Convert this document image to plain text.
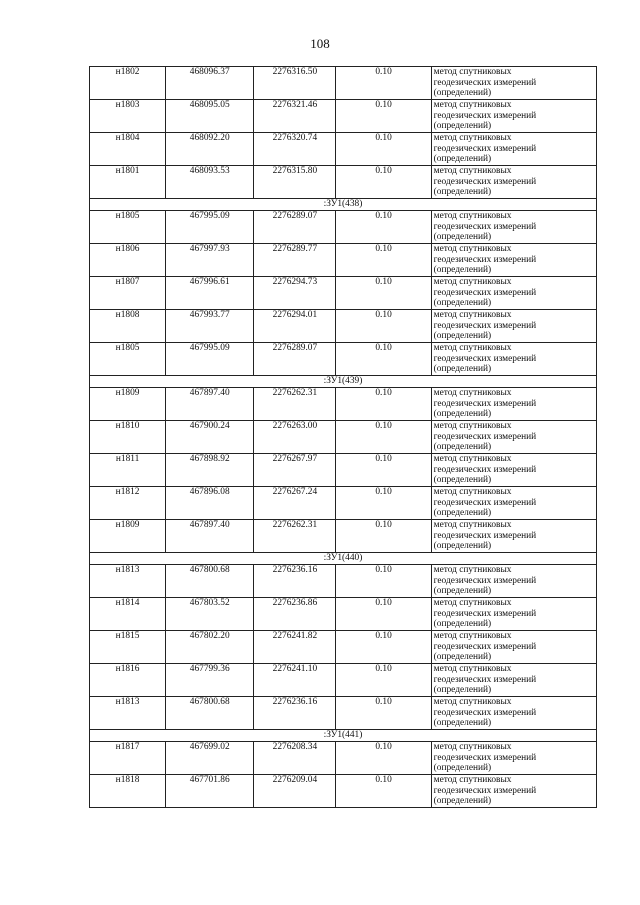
108
н1802	468096.37	2276316.50	0.10	метод спутниковых
геодезических измерений
(определений)

н1803	468095.05	2276321.46	0.10	метод спутниковых
геодезических измерений
(определений)

н1804	468092.20	2276320.74	0.10	метод спутниковых
геодезических измерений
(определений)

н1801	468093.53	2276315.80	0.10	метод спутниковых
геодезических измерений
(определений)

:ЗУ1(438)				
н1805	467995.09	2276289.07	0.10	метод спутниковых
геодезических измерений
(определений)

н1806	467997.93	2276289.77	0.10	метод спутниковых
геодезических измерений
(определений)

н1807	467996.61	2276294.73	0.10	метод спутниковых
геодезических измерений
(определений)

н1808	467993.77	2276294.01	0.10	метод спутниковых
геодезических измерений
(определений)

н1805	467995.09	2276289.07	0.10	метод спутниковых
геодезических измерений
(определений)

:ЗУ1(439)				
н1809	467897.40	2276262.31	0.10	метод спутниковых
геодезических измерений
(определений)

н1810	467900.24	2276263.00	0.10	метод спутниковых
геодезических измерений
(определений)

н1811	467898.92	2276267.97	0.10	метод спутниковых
геодезических измерений
(определений)

н1812	467896.08	2276267.24	0.10	метод спутниковых
геодезических измерений
(определений)

н1809	467897.40	2276262.31	0.10	метод спутниковых
геодезических измерений
(определений)

:ЗУ1(440)				
н1813	467800.68	2276236.16	0.10	метод спутниковых
геодезических измерений
(определений)

н1814	467803.52	2276236.86	0.10	метод спутниковых
геодезических измерений
(определений)

н1815	467802.20	2276241.82	0.10	метод спутниковых
геодезических измерений
(определений)

н1816	467799.36	2276241.10	0.10	метод спутниковых
геодезических измерений
(определений)

н1813	467800.68	2276236.16	0.10	метод спутниковых
геодезических измерений
(определений)

:ЗУ1(441)				
н1817	467699.02	2276208.34	0.10	метод спутниковых
геодезических измерений
(определений)

н1818	467701.86	2276209.04	0.10	метод спутниковых
геодезических измерений
(определений)
